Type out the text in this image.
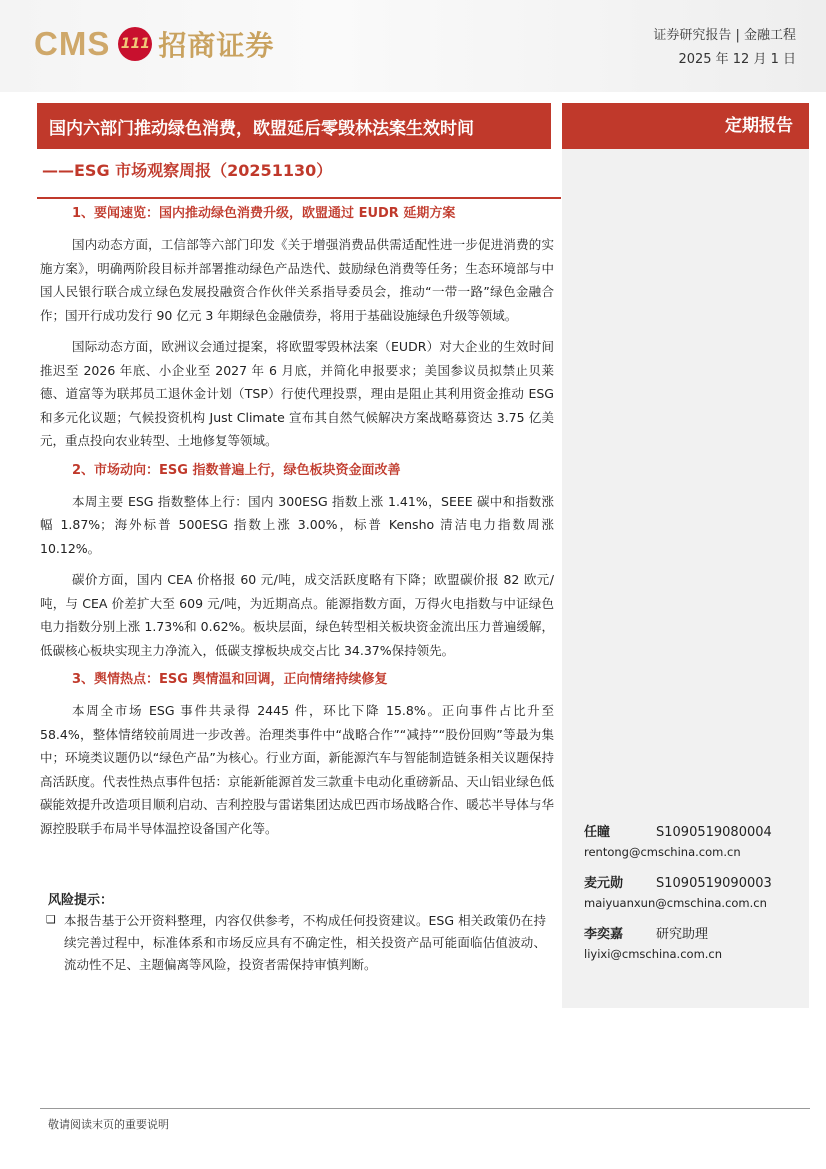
CMS 111 招商证券	证券研究报告 | 金融工程
2025 年 12 月 1 日
国内六部门推动绿色消费，欧盟延后零毁林法案生效时间
——ESG 市场观察周报（20251130）
定期报告
1、要闻速览：国内推动绿色消费升级，欧盟通过 EUDR 延期方案

国内动态方面，工信部等六部门印发《关于增强消费品供需适配性进一步促进消费的实施方案》，明确两阶段目标并部署推动绿色产品迭代、鼓励绿色消费等任务；生态环境部与中国人民银行联合成立绿色发展投融资合作伙伴关系指导委员会，推动“一带一路”绿色金融合作；国开行成功发行 90 亿元 3 年期绿色金融债券，将用于基础设施绿色升级等领域。

国际动态方面，欧洲议会通过提案，将欧盟零毁林法案（EUDR）对大企业的生效时间推迟至 2026 年底、小企业至 2027 年 6 月底，并简化申报要求；美国参议员拟禁止贝莱德、道富等为联邦员工退休金计划（TSP）行使代理投票，理由是阻止其利用资金推动 ESG 和多元化议题；气候投资机构 Just Climate 宣布其自然气候解决方案战略募资达 3.75 亿美元，重点投向农业转型、土地修复等领域。

2、市场动向：ESG 指数普遍上行，绿色板块资金面改善

本周主要 ESG 指数整体上行：国内 300ESG 指数上涨 1.41%，SEEE 碳中和指数涨幅 1.87%；海外标普 500ESG 指数上涨 3.00%，标普 Kensho 清洁电力指数周涨 10.12%。

碳价方面，国内 CEA 价格报 60 元/吨，成交活跃度略有下降；欧盟碳价报 82 欧元/吨，与 CEA 价差扩大至 609 元/吨，为近期高点。能源指数方面，万得火电指数与中证绿色电力指数分别上涨 1.73%和 0.62%。板块层面，绿色转型相关板块资金流出压力普遍缓解，低碳核心板块实现主力净流入，低碳支撑板块成交占比 34.37%保持领先。

3、舆情热点：ESG 舆情温和回调，正向情绪持续修复

本周全市场 ESG 事件共录得 2445 件，环比下降 15.8%。正向事件占比升至 58.4%，整体情绪较前周进一步改善。治理类事件中“战略合作”“减持”“股份回购”等最为集中；环境类议题仍以“绿色产品”为核心。行业方面，新能源汽车与智能制造链条相关议题保持高活跃度。代表性热点事件包括：京能新能源首发三款重卡电动化重磅新品、天山铝业绿色低碳能效提升改造项目顺利启动、吉利控股与雷诺集团达成巴西市场战略合作、暖芯半导体与华源控股联手布局半导体温控设备国产化等。

风险提示：
❑ 本报告基于公开资料整理，内容仅供参考，不构成任何投资建议。ESG 相关政策仍在持续完善过程中，标准体系和市场反应具有不确定性，相关投资产品可能面临估值波动、流动性不足、主题偏离等风险，投资者需保持审慎判断。
任瞳	S1090519080004
rentong@cmschina.com.cn
麦元勋	S1090519090003
maiyuanxun@cmschina.com.cn
李奕嘉	研究助理
liyixi@cmschina.com.cn
敬请阅读末页的重要说明
